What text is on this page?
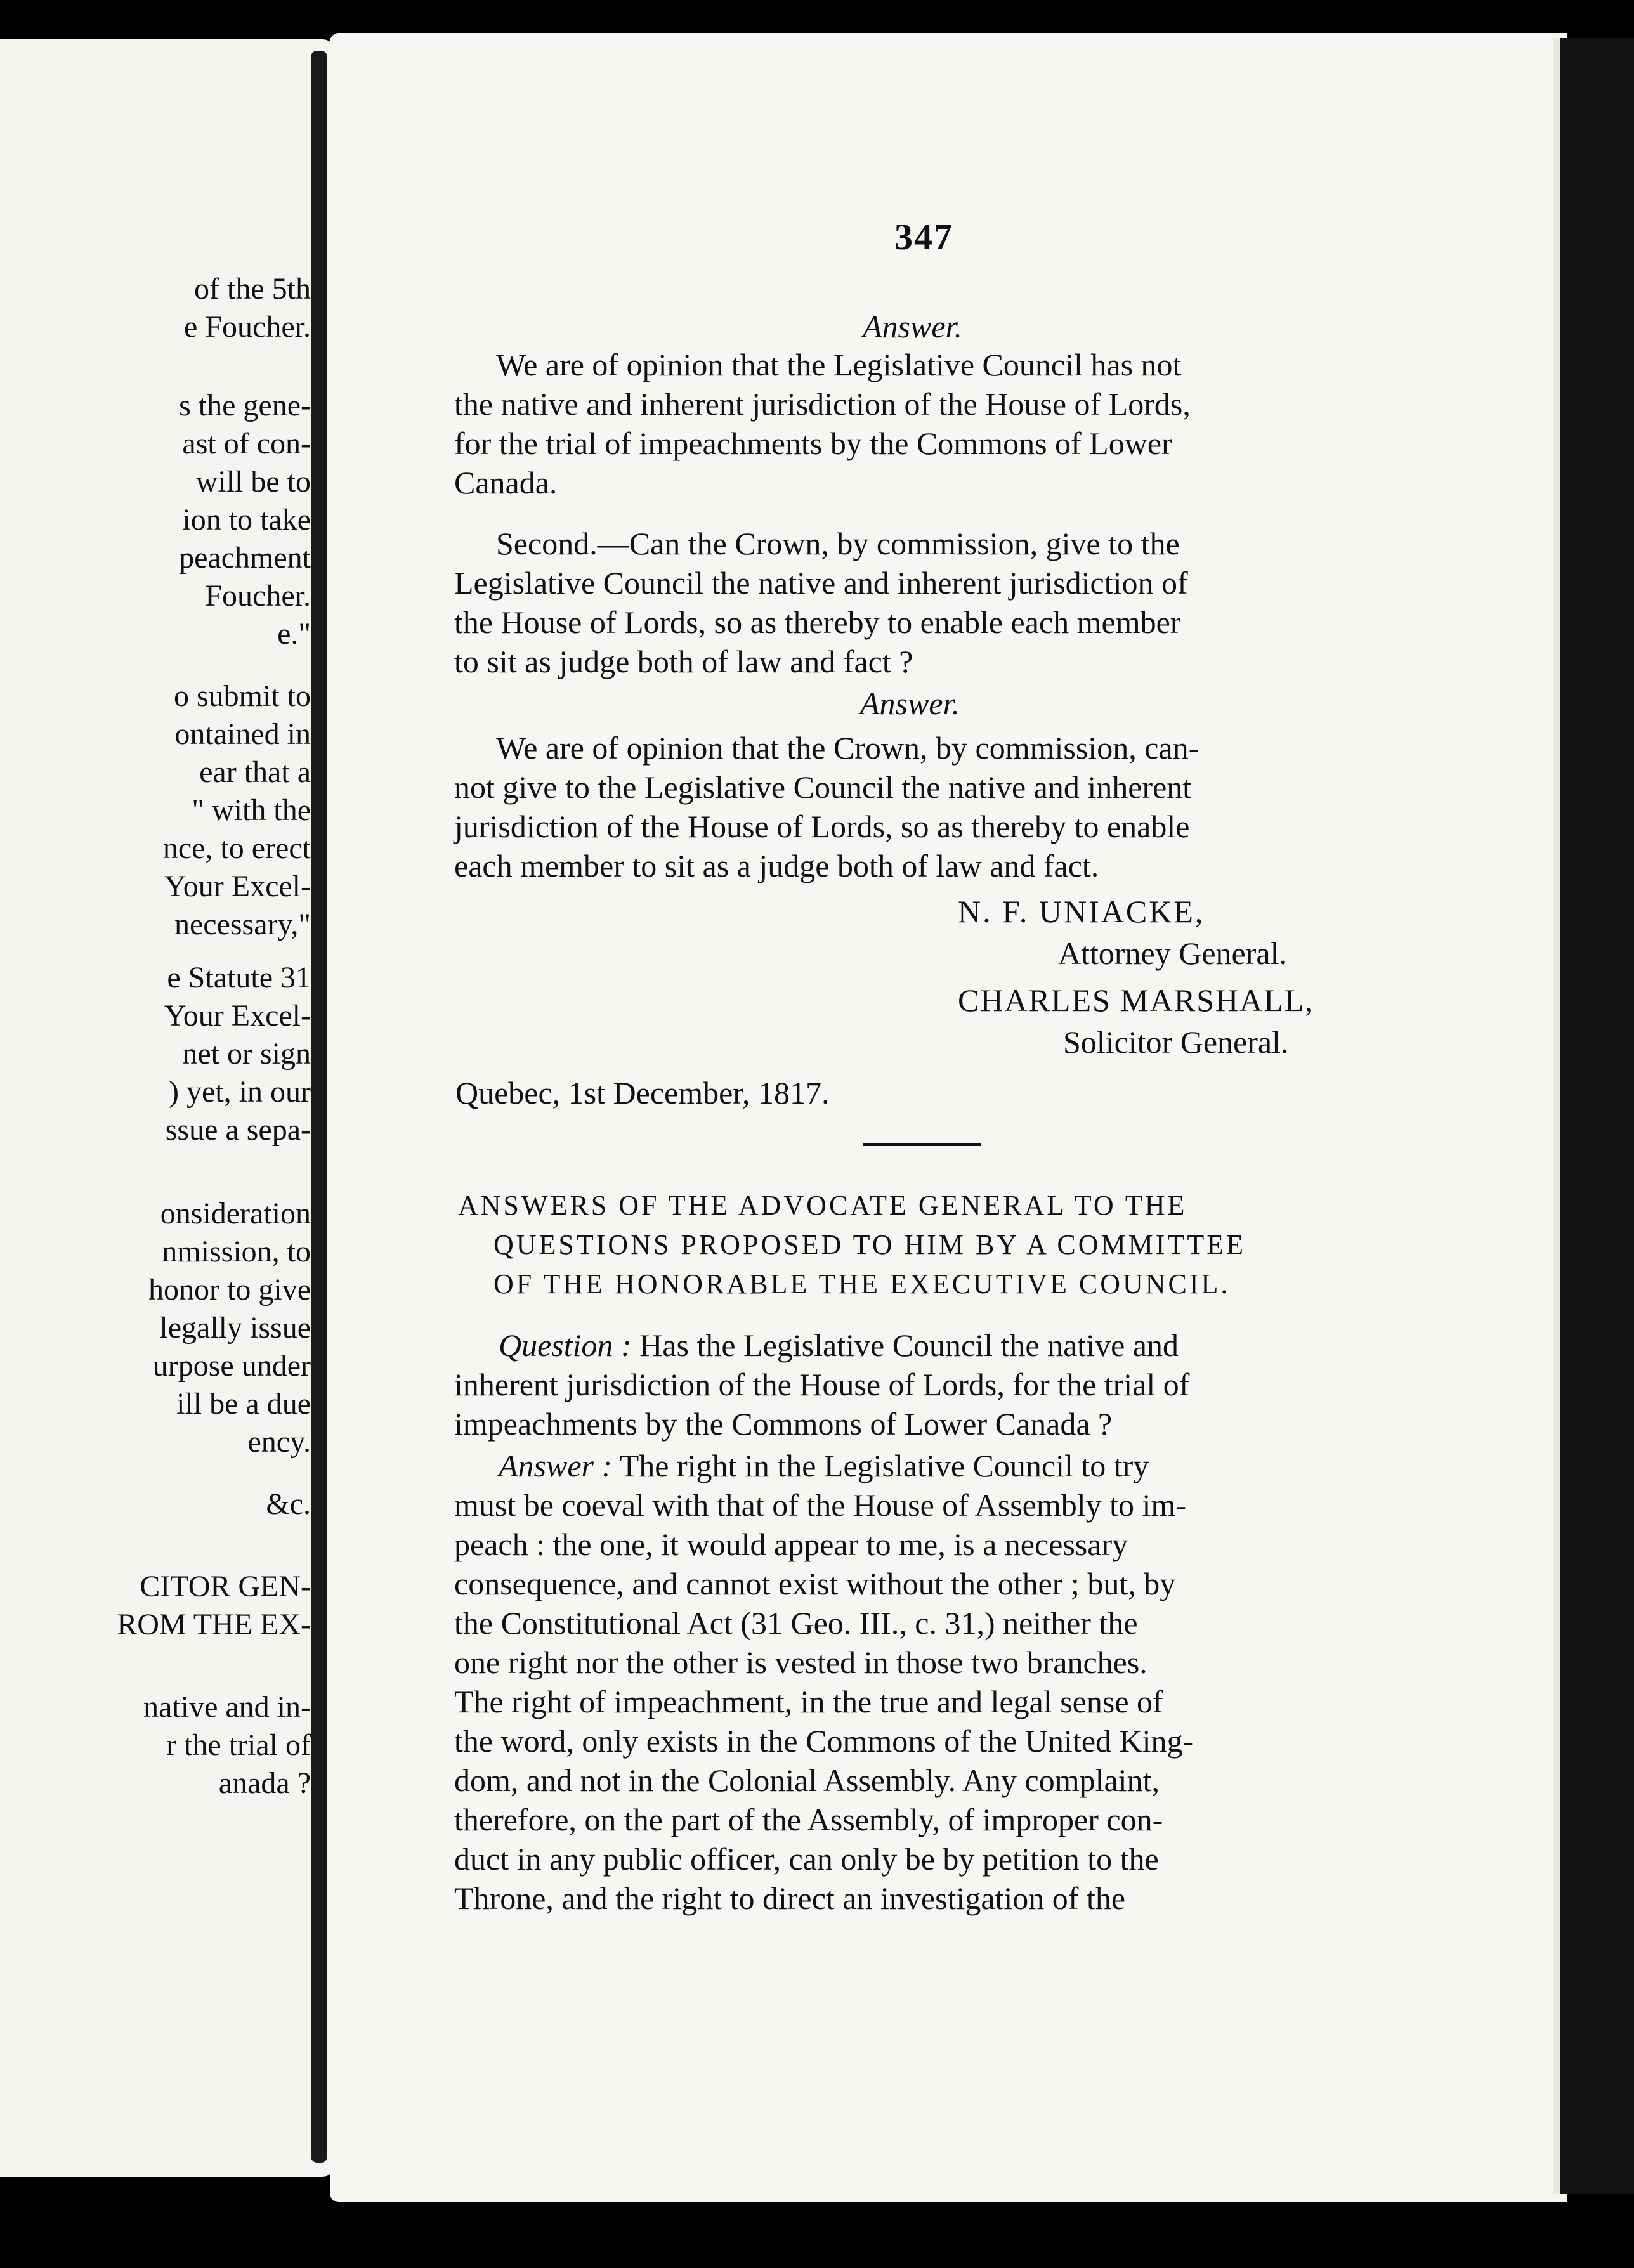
of the 5th
e Foucher.
s the gene-
ast of con-
will be to
ion to take
peachment
Foucher.
e."
o submit to
ontained in
ear that a
" with the
nce, to erect
Your Excel-
necessary,"
e Statute 31
Your Excel-
net or sign
) yet, in our
ssue a sepa-
onsideration
nmission, to
honor to give
legally issue
urpose under
ill be a due
ency.
&c.
CITOR GEN-
ROM THE EX-
native and in-
r the trial of
anada ?
347
Answer.
We are of opinion that the Legislative Council has not
the native and inherent jurisdiction of the House of Lords,
for the trial of impeachments by the Commons of Lower
Canada.
Second.—Can the Crown, by commission, give to the
Legislative Council the native and inherent jurisdiction of
the House of Lords, so as thereby to enable each member
to sit as judge both of law and fact ?
Answer.
We are of opinion that the Crown, by commission, can-
not give to the Legislative Council the native and inherent
jurisdiction of the House of Lords, so as thereby to enable
each member to sit as a judge both of law and fact.
N. F. UNIACKE,
Attorney General.
CHARLES MARSHALL,
Solicitor General.
Quebec, 1st December, 1817.
ANSWERS OF THE ADVOCATE GENERAL TO THE
QUESTIONS PROPOSED TO HIM BY A COMMITTEE
OF THE HONORABLE THE EXECUTIVE COUNCIL.
Question : Has the Legislative Council the native and
inherent jurisdiction of the House of Lords, for the trial of
impeachments by the Commons of Lower Canada ?
Answer : The right in the Legislative Council to try
must be coeval with that of the House of Assembly to im-
peach : the one, it would appear to me, is a necessary
consequence, and cannot exist without the other ; but, by
the Constitutional Act (31 Geo. III., c. 31,) neither the
one right nor the other is vested in those two branches.
The right of impeachment, in the true and legal sense of
the word, only exists in the Commons of the United King-
dom, and not in the Colonial Assembly. Any complaint,
therefore, on the part of the Assembly, of improper con-
duct in any public officer, can only be by petition to the
Throne, and the right to direct an investigation of the
